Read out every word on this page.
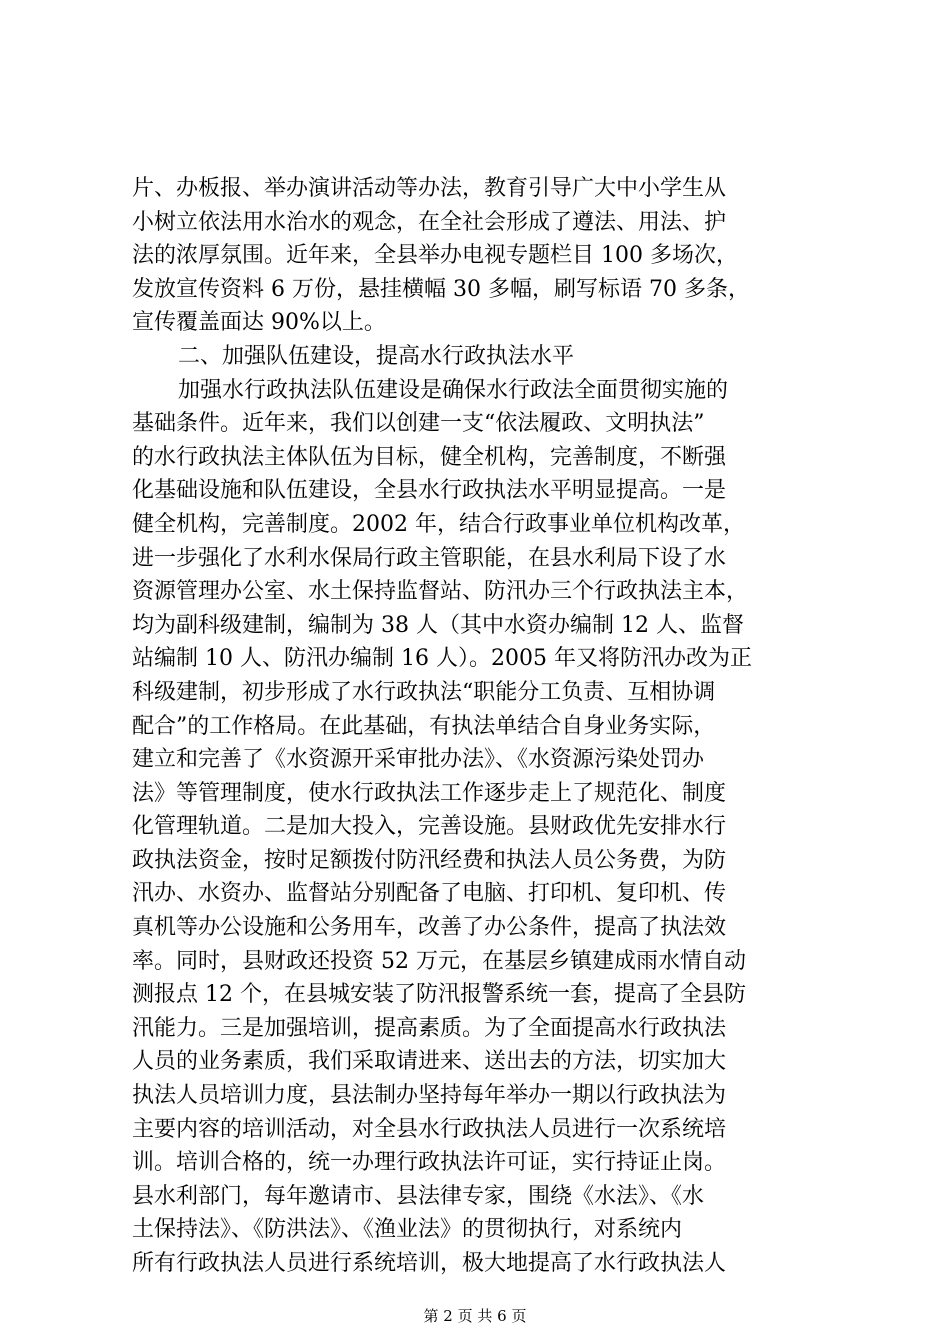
片、办板报、举办演讲活动等办法，教育引导广大中小学生从
小树立依法用水治水的观念，在全社会形成了遵法、用法、护
法的浓厚氛围。近年来，全县举办电视专题栏目 100 多场次，
发放宣传资料 6 万份，悬挂横幅 30 多幅，刷写标语 70 多条，
宣传覆盖面达 90%以上。
二、加强队伍建设，提高水行政执法水平
加强水行政执法队伍建设是确保水行政法全面贯彻实施的
基础条件。近年来，我们以创建一支“依法履政、文明执法”
的水行政执法主体队伍为目标，健全机构，完善制度，不断强
化基础设施和队伍建设，全县水行政执法水平明显提高。一是
健全机构，完善制度。2002 年，结合行政事业单位机构改革，
进一步强化了水利水保局行政主管职能，在县水利局下设了水
资源管理办公室、水土保持监督站、防汛办三个行政执法主本，
均为副科级建制，编制为 38 人（其中水资办编制 12 人、监督
站编制 10 人、防汛办编制 16 人）。2005 年又将防汛办改为正
科级建制，初步形成了水行政执法“职能分工负责、互相协调
配合”的工作格局。在此基础，有执法单结合自身业务实际，
建立和完善了《水资源开采审批办法》、《水资源污染处罚办
法》等管理制度，使水行政执法工作逐步走上了规范化、制度
化管理轨道。二是加大投入，完善设施。县财政优先安排水行
政执法资金，按时足额拨付防汛经费和执法人员公务费，为防
汛办、水资办、监督站分别配备了电脑、打印机、复印机、传
真机等办公设施和公务用车，改善了办公条件，提高了执法效
率。同时，县财政还投资 52 万元，在基层乡镇建成雨水情自动
测报点 12 个，在县城安装了防汛报警系统一套，提高了全县防
汛能力。三是加强培训，提高素质。为了全面提高水行政执法
人员的业务素质，我们采取请进来、送出去的方法，切实加大
执法人员培训力度，县法制办坚持每年举办一期以行政执法为
主要内容的培训活动，对全县水行政执法人员进行一次系统培
训。培训合格的，统一办理行政执法许可证，实行持证止岗。
县水利部门，每年邀请市、县法律专家，围绕《水法》、《水
土保持法》、《防洪法》、《渔业法》的贯彻执行，对系统内
所有行政执法人员进行系统培训，极大地提高了水行政执法人
第 2 页 共 6 页
